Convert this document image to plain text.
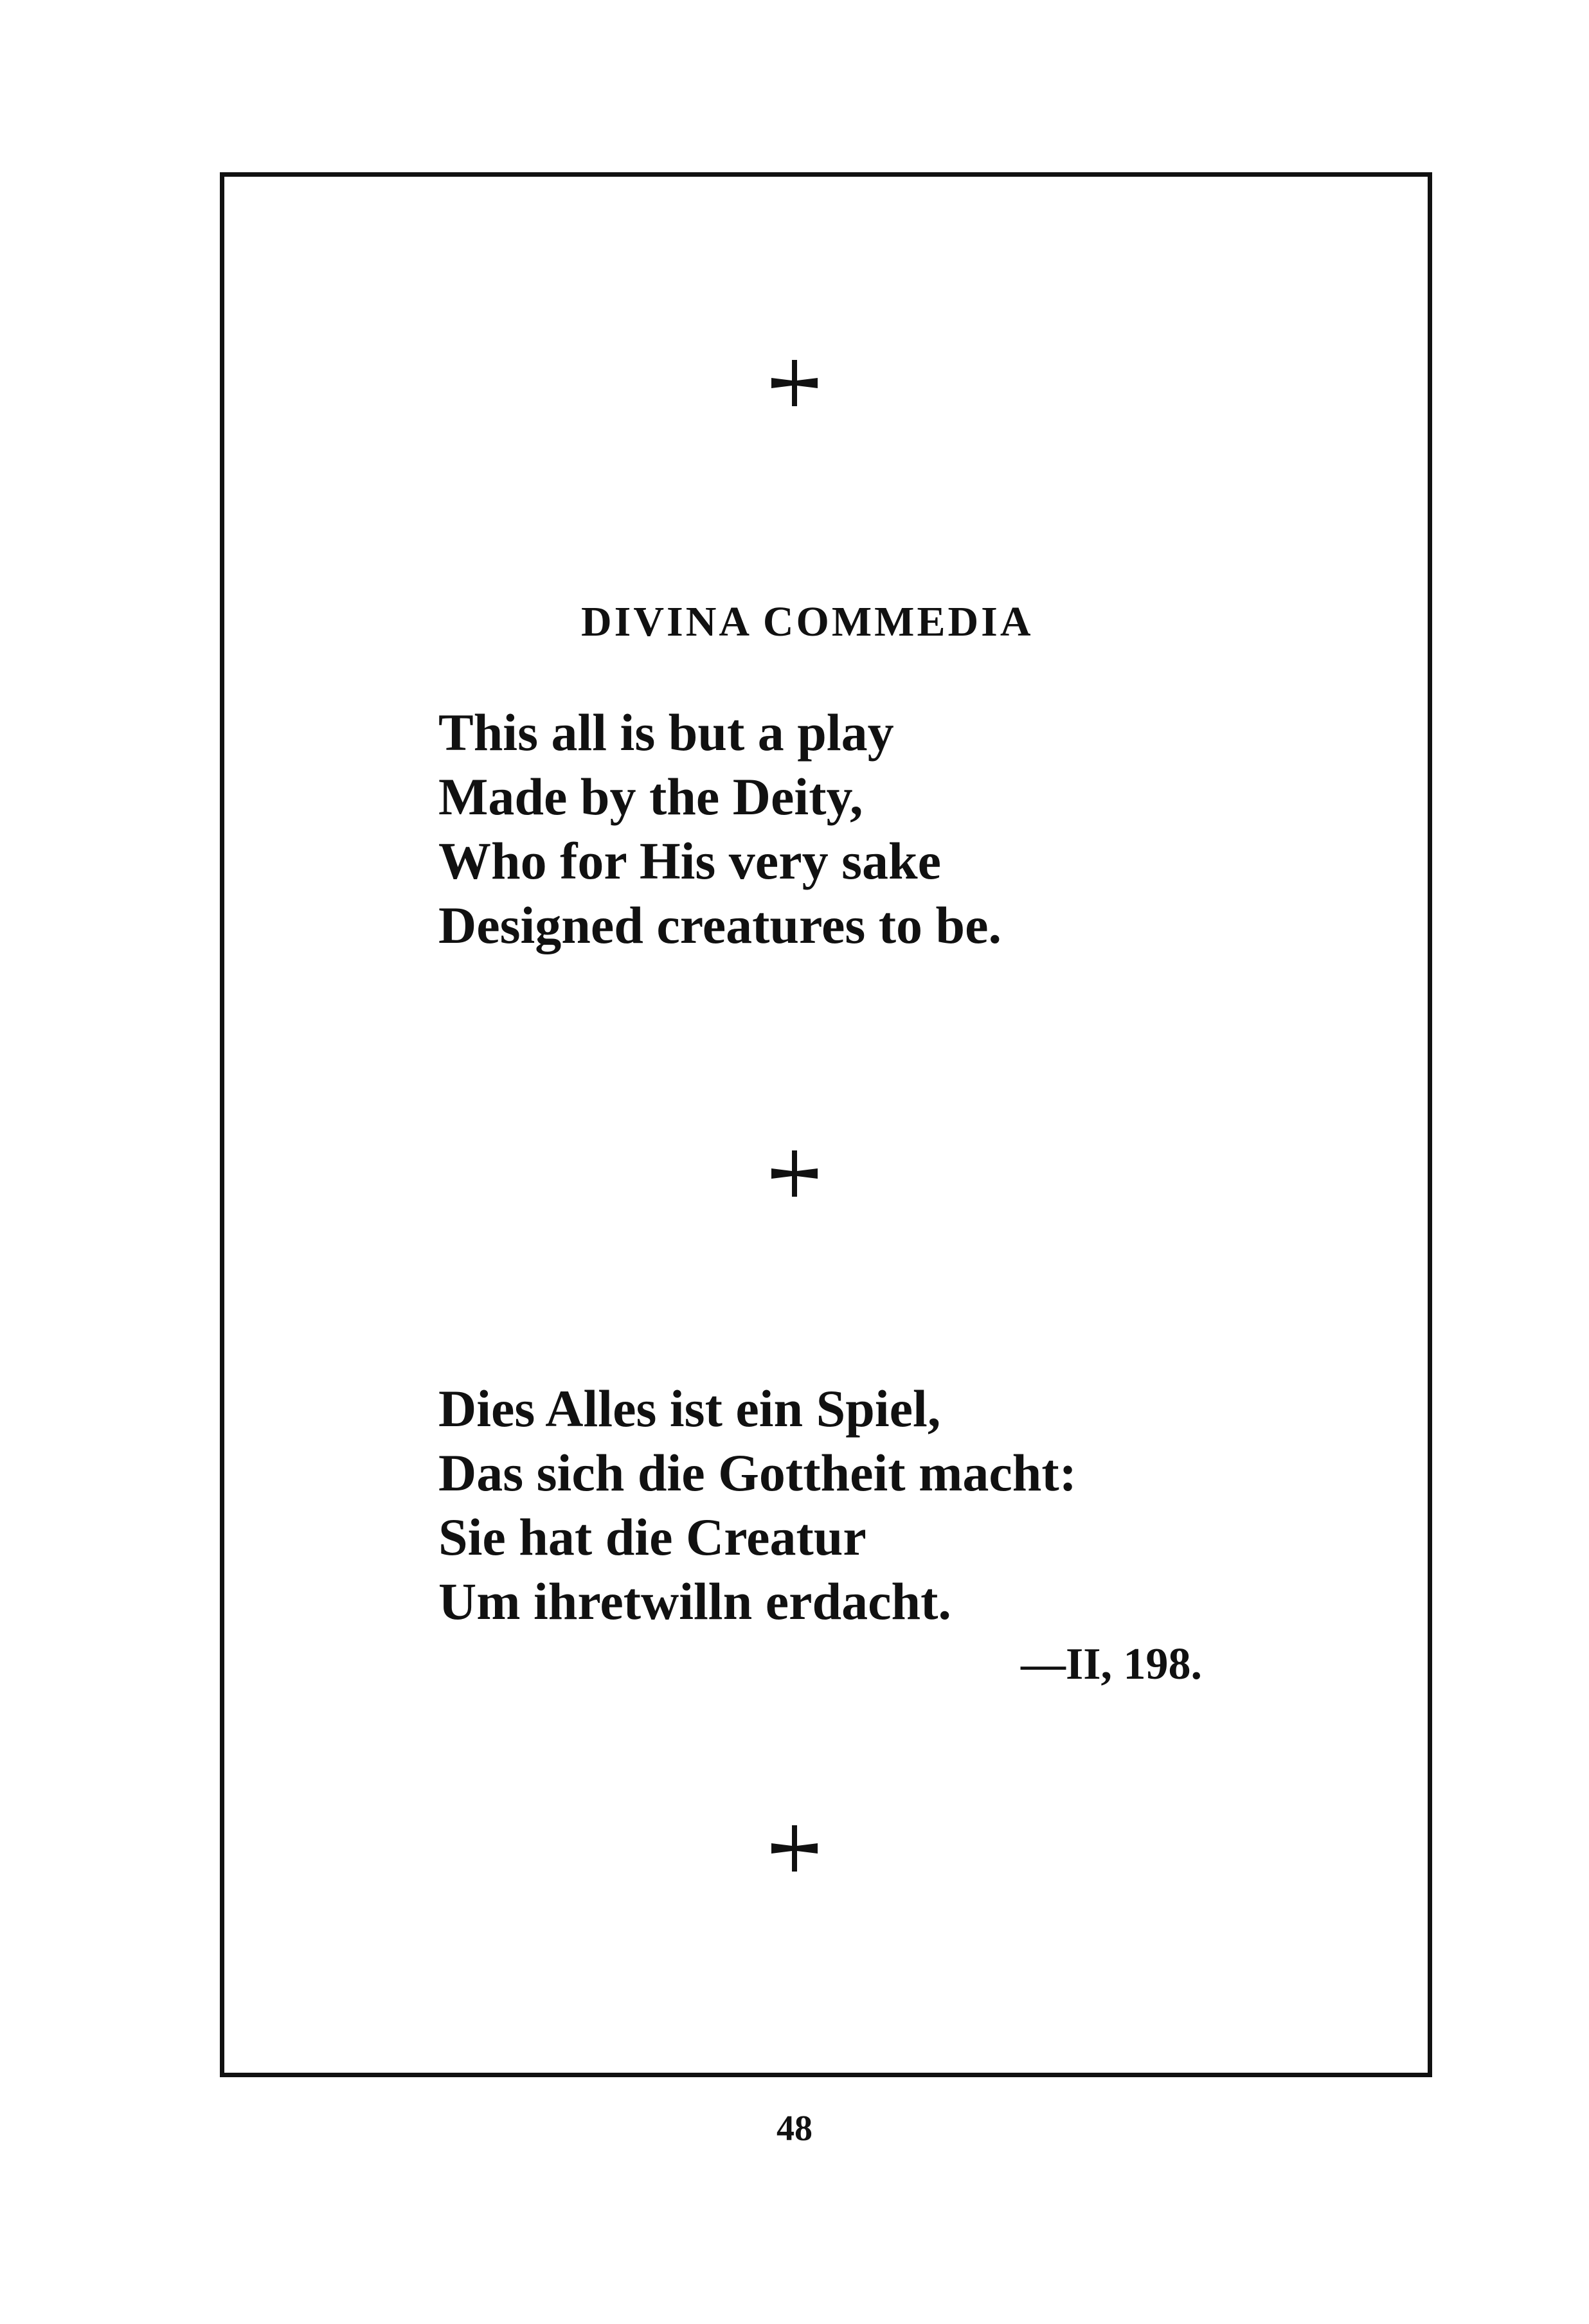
DIVINA COMMEDIA
This all is but a play
Made by the Deity,
Who for His very sake
Designed creatures to be.
Dies Alles ist ein Spiel,
Das sich die Gottheit macht:
Sie hat die Creatur
Um ihretwilln erdacht.
—II, 198.
48
